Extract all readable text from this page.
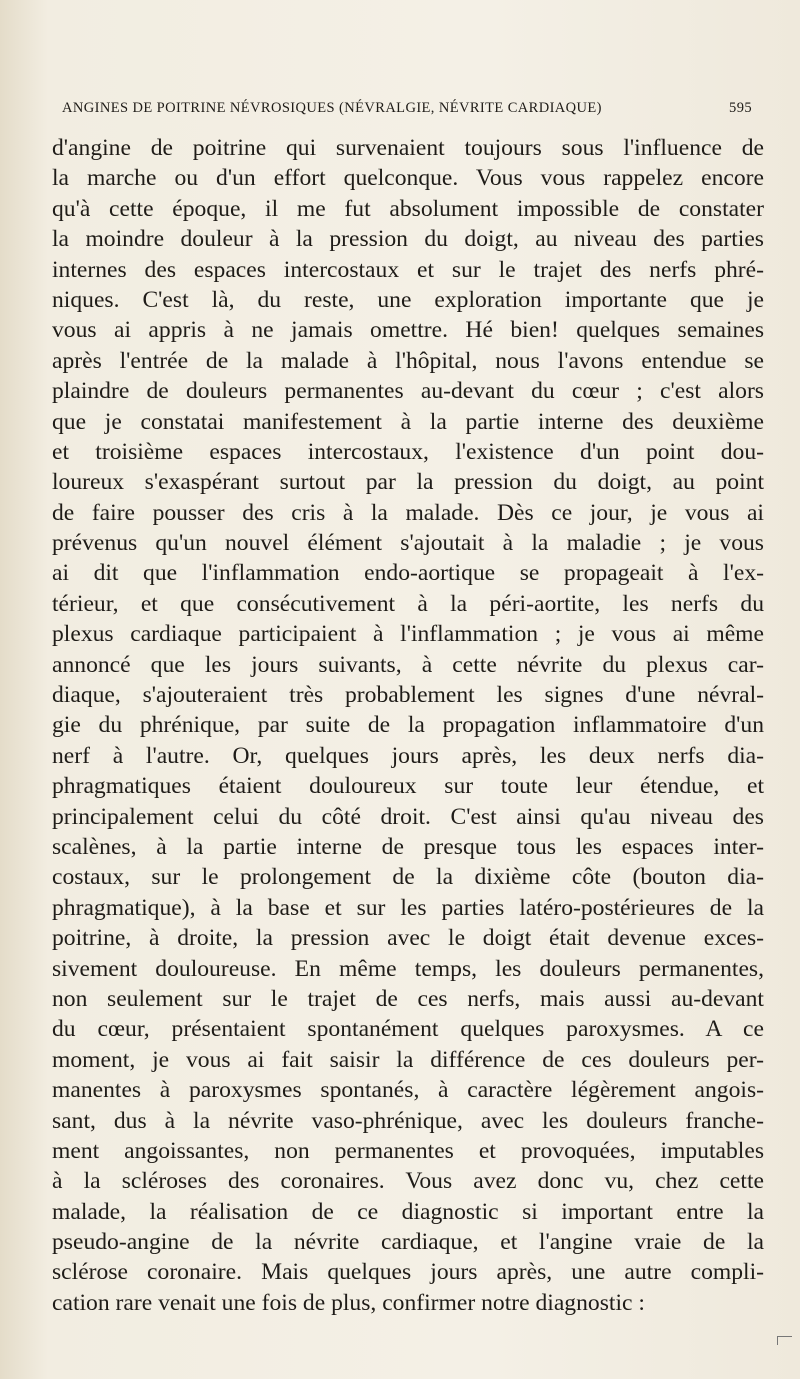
ANGINES DE POITRINE NÉVROSIQUES (NÉVRALGIE, NÉVRITE CARDIAQUE)	595
d'angine de poitrine qui survenaient toujours sous l'influence de
la marche ou d'un effort quelconque. Vous vous rappelez encore
qu'à cette époque, il me fut absolument impossible de constater
la moindre douleur à la pression du doigt, au niveau des parties
internes des espaces intercostaux et sur le trajet des nerfs phré-
niques. C'est là, du reste, une exploration importante que je
vous ai appris à ne jamais omettre. Hé bien! quelques semaines
après l'entrée de la malade à l'hôpital, nous l'avons entendue se
plaindre de douleurs permanentes au-devant du cœur ; c'est alors
que je constatai manifestement à la partie interne des deuxième
et troisième espaces intercostaux, l'existence d'un point dou-
loureux s'exaspérant surtout par la pression du doigt, au point
de faire pousser des cris à la malade. Dès ce jour, je vous ai
prévenus qu'un nouvel élément s'ajoutait à la maladie ; je vous
ai dit que l'inflammation endo-aortique se propageait à l'ex-
térieur, et que consécutivement à la péri-aortite, les nerfs du
plexus cardiaque participaient à l'inflammation ; je vous ai même
annoncé que les jours suivants, à cette névrite du plexus car-
diaque, s'ajouteraient très probablement les signes d'une névral-
gie du phrénique, par suite de la propagation inflammatoire d'un
nerf à l'autre. Or, quelques jours après, les deux nerfs dia-
phragmatiques étaient douloureux sur toute leur étendue, et
principalement celui du côté droit. C'est ainsi qu'au niveau des
scalènes, à la partie interne de presque tous les espaces inter-
costaux, sur le prolongement de la dixième côte (bouton dia-
phragmatique), à la base et sur les parties latéro-postérieures de la
poitrine, à droite, la pression avec le doigt était devenue exces-
sivement douloureuse. En même temps, les douleurs permanentes,
non seulement sur le trajet de ces nerfs, mais aussi au-devant
du cœur, présentaient spontanément quelques paroxysmes. A ce
moment, je vous ai fait saisir la différence de ces douleurs per-
manentes à paroxysmes spontanés, à caractère légèrement angois-
sant, dus à la névrite vaso-phrénique, avec les douleurs franche-
ment angoissantes, non permanentes et provoquées, imputables
à la scléroses des coronaires. Vous avez donc vu, chez cette
malade, la réalisation de ce diagnostic si important entre la
pseudo-angine de la névrite cardiaque, et l'angine vraie de la
sclérose coronaire. Mais quelques jours après, une autre compli-
cation rare venait une fois de plus, confirmer notre diagnostic :
